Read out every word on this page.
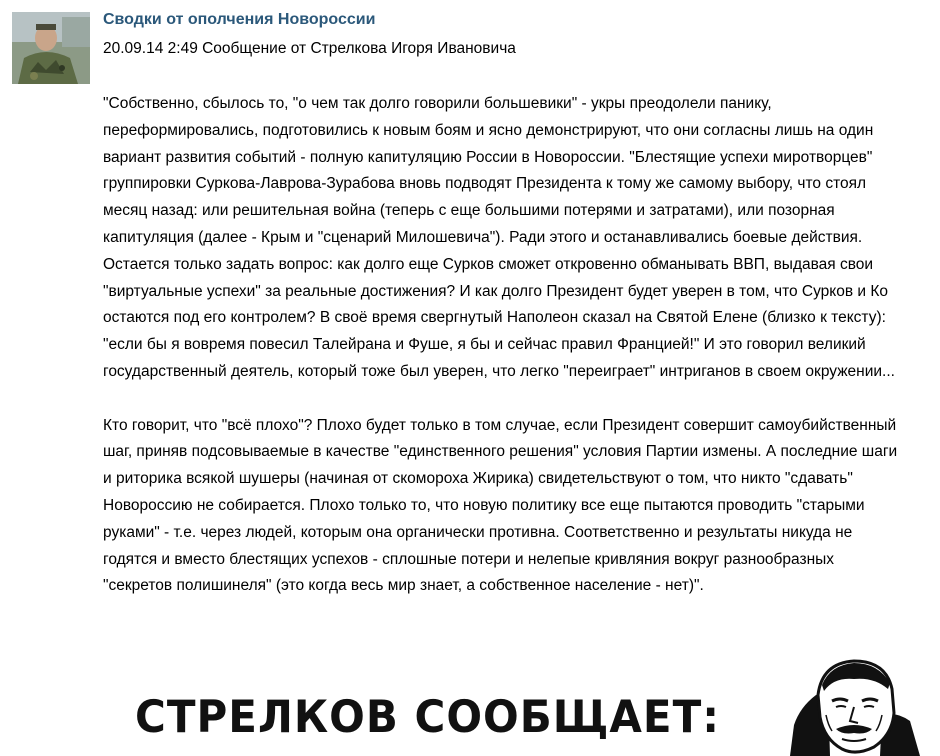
Сводки от ополчения Новороссии
20.09.14 2:49 Сообщение от Стрелкова Игоря Ивановича

"Собственно, сбылось то, "о чем так долго говорили большевики" - укры преодолели панику, переформировались, подготовились к новым боям и ясно демонстрируют, что они согласны лишь на один вариант развития событий - полную капитуляцию России в Новороссии. "Блестящие успехи миротворцев" группировки Суркова-Лаврова-Зурабова вновь подводят Президента к тому же самому выбору, что стоял месяц назад: или решительная война (теперь с еще большими потерями и затратами), или позорная капитуляция (далее - Крым и "сценарий Милошевича"). Ради этого и останавливались боевые действия. Остается только задать вопрос: как долго еще Сурков сможет откровенно обманывать ВВП, выдавая свои "виртуальные успехи" за реальные достижения? И как долго Президент будет уверен в том, что Сурков и Ко остаются под его контролем? В своё время свергнутый Наполеон сказал на Святой Елене (близко к тексту): "если бы я вовремя повесил Талейрана и Фуше, я бы и сейчас правил Францией!" И это говорил великий государственный деятель, который тоже был уверен, что легко "переиграет" интриганов в своем окружении...

Кто говорит, что "всё плохо"? Плохо будет только в том случае, если Президент совершит самоубийственный шаг, приняв подсовываемые в качестве "единственного решения" условия Партии измены. А последние шаги и риторика всякой шушеры (начиная от скомороха Жирика) свидетельствуют о том, что никто "сдавать" Новороссию не собирается. Плохо только то, что новую политику все еще пытаются проводить "старыми руками" - т.е. через людей, которым она органически противна. Соответственно и результаты никуда не годятся и вместо блестящих успехов - сплошные потери и нелепые кривляния вокруг разнообразных "секретов полишинеля" (это когда весь мир знает, а собственное население - нет)".

СТРЕЛКОВ СООБЩАЕТ:
